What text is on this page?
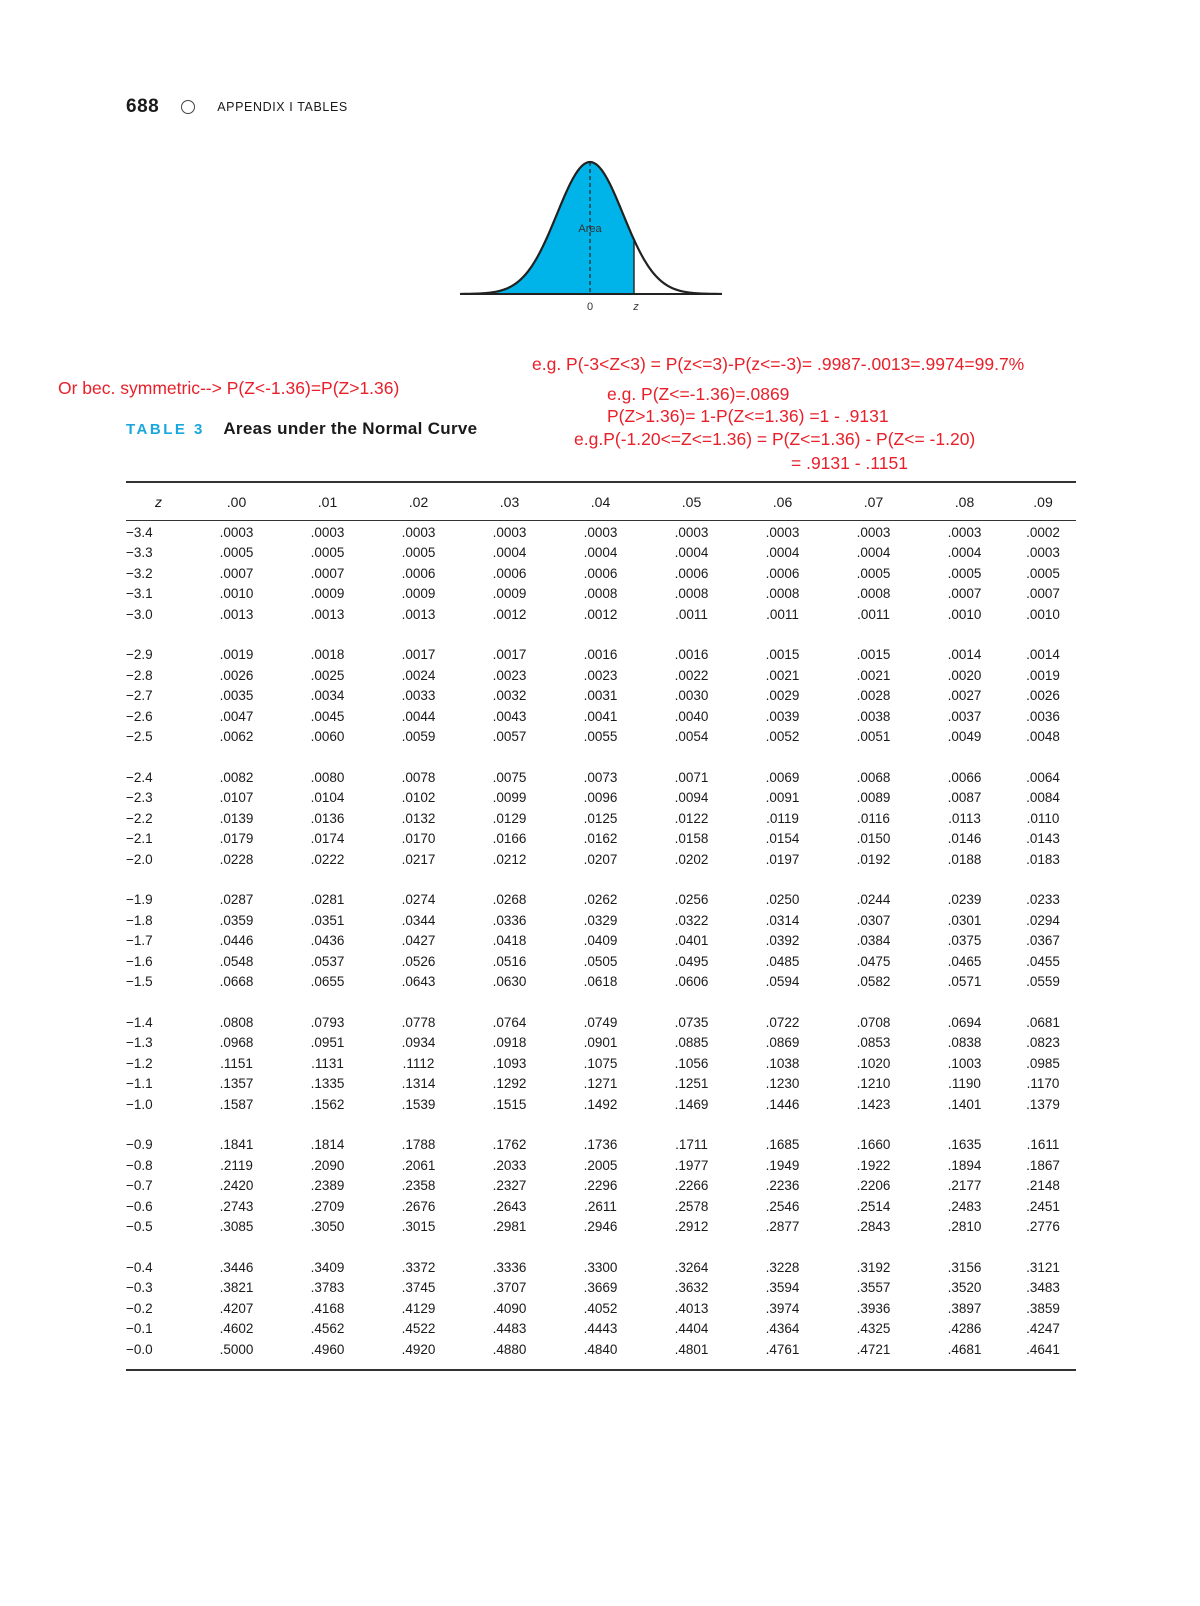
688	APPENDIX I TABLES
Area
0	z
e.g. P(-3<Z<3) = P(z<=3)-P(z<=-3)= .9987-.0013=.9974=99.7%
Or bec. symmetric--> P(Z<-1.36)=P(Z>1.36)	e.g. P(Z<=-1.36)=.0869
P(Z>1.36)= 1-P(Z<=1.36) =1 - .9131
e.g.P(-1.20<=Z<=1.36) = P(Z<=1.36) - P(Z<= -1.20)
= .9131 - .1151
TABLE 3 Areas under the Normal Curve
z	.00	.01	.02	.03	.04	.05	.06	.07	.08	.09
−3.4	.0003	.0003	.0003	.0003	.0003	.0003	.0003	.0003	.0003	.0002
−3.3	.0005	.0005	.0005	.0004	.0004	.0004	.0004	.0004	.0004	.0003
−3.2	.0007	.0007	.0006	.0006	.0006	.0006	.0006	.0005	.0005	.0005
−3.1	.0010	.0009	.0009	.0009	.0008	.0008	.0008	.0008	.0007	.0007
−3.0	.0013	.0013	.0013	.0012	.0012	.0011	.0011	.0011	.0010	.0010

−2.9	.0019	.0018	.0017	.0017	.0016	.0016	.0015	.0015	.0014	.0014
−2.8	.0026	.0025	.0024	.0023	.0023	.0022	.0021	.0021	.0020	.0019
−2.7	.0035	.0034	.0033	.0032	.0031	.0030	.0029	.0028	.0027	.0026
−2.6	.0047	.0045	.0044	.0043	.0041	.0040	.0039	.0038	.0037	.0036
−2.5	.0062	.0060	.0059	.0057	.0055	.0054	.0052	.0051	.0049	.0048

−2.4	.0082	.0080	.0078	.0075	.0073	.0071	.0069	.0068	.0066	.0064
−2.3	.0107	.0104	.0102	.0099	.0096	.0094	.0091	.0089	.0087	.0084
−2.2	.0139	.0136	.0132	.0129	.0125	.0122	.0119	.0116	.0113	.0110
−2.1	.0179	.0174	.0170	.0166	.0162	.0158	.0154	.0150	.0146	.0143
−2.0	.0228	.0222	.0217	.0212	.0207	.0202	.0197	.0192	.0188	.0183

−1.9	.0287	.0281	.0274	.0268	.0262	.0256	.0250	.0244	.0239	.0233
−1.8	.0359	.0351	.0344	.0336	.0329	.0322	.0314	.0307	.0301	.0294
−1.7	.0446	.0436	.0427	.0418	.0409	.0401	.0392	.0384	.0375	.0367
−1.6	.0548	.0537	.0526	.0516	.0505	.0495	.0485	.0475	.0465	.0455
−1.5	.0668	.0655	.0643	.0630	.0618	.0606	.0594	.0582	.0571	.0559

−1.4	.0808	.0793	.0778	.0764	.0749	.0735	.0722	.0708	.0694	.0681
−1.3	.0968	.0951	.0934	.0918	.0901	.0885	.0869	.0853	.0838	.0823
−1.2	.1151	.1131	.1112	.1093	.1075	.1056	.1038	.1020	.1003	.0985
−1.1	.1357	.1335	.1314	.1292	.1271	.1251	.1230	.1210	.1190	.1170
−1.0	.1587	.1562	.1539	.1515	.1492	.1469	.1446	.1423	.1401	.1379

−0.9	.1841	.1814	.1788	.1762	.1736	.1711	.1685	.1660	.1635	.1611
−0.8	.2119	.2090	.2061	.2033	.2005	.1977	.1949	.1922	.1894	.1867
−0.7	.2420	.2389	.2358	.2327	.2296	.2266	.2236	.2206	.2177	.2148
−0.6	.2743	.2709	.2676	.2643	.2611	.2578	.2546	.2514	.2483	.2451
−0.5	.3085	.3050	.3015	.2981	.2946	.2912	.2877	.2843	.2810	.2776

−0.4	.3446	.3409	.3372	.3336	.3300	.3264	.3228	.3192	.3156	.3121
−0.3	.3821	.3783	.3745	.3707	.3669	.3632	.3594	.3557	.3520	.3483
−0.2	.4207	.4168	.4129	.4090	.4052	.4013	.3974	.3936	.3897	.3859
−0.1	.4602	.4562	.4522	.4483	.4443	.4404	.4364	.4325	.4286	.4247
−0.0	.5000	.4960	.4920	.4880	.4840	.4801	.4761	.4721	.4681	.4641
